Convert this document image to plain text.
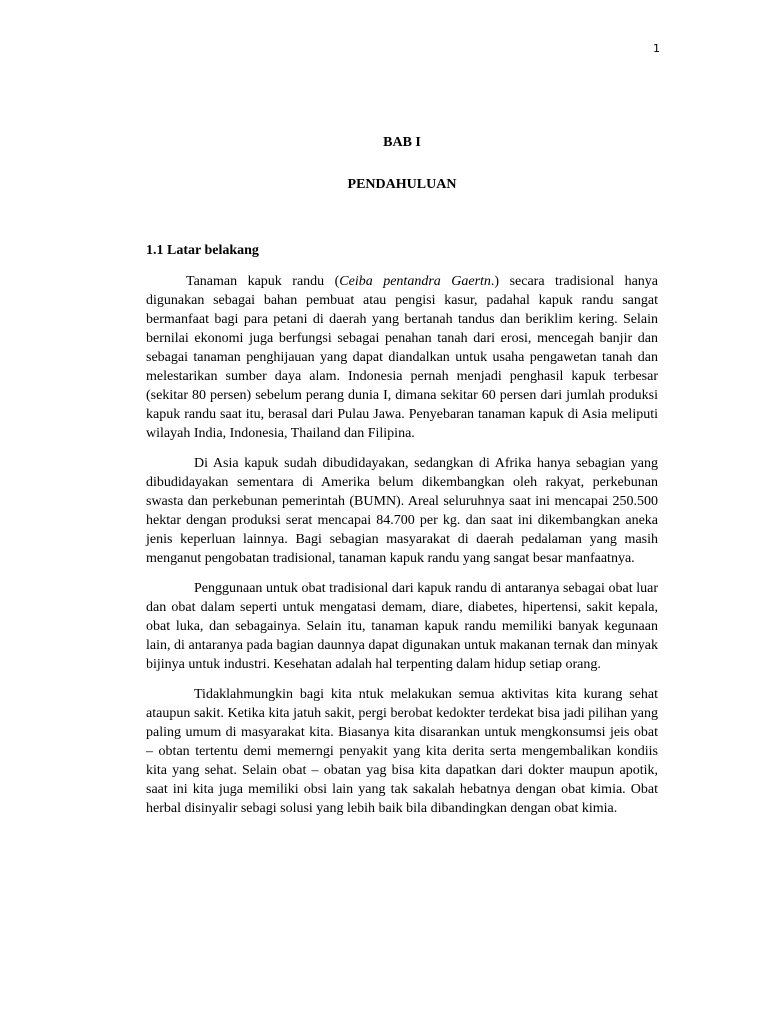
1
BAB I
PENDAHULUAN
1.1 Latar belakang

Tanaman kapuk randu (Ceiba pentandra Gaertn.) secara tradisional hanya digunakan sebagai bahan pembuat atau pengisi kasur, padahal kapuk randu sangat bermanfaat bagi para petani di daerah yang bertanah tandus dan beriklim kering. Selain bernilai ekonomi juga berfungsi sebagai penahan tanah dari erosi, mencegah banjir dan sebagai tanaman penghijauan yang dapat diandalkan untuk usaha pengawetan tanah dan melestarikan sumber daya alam. Indonesia pernah menjadi penghasil kapuk terbesar (sekitar 80 persen) sebelum perang dunia I, dimana sekitar 60 persen dari jumlah produksi kapuk randu saat itu, berasal dari Pulau Jawa. Penyebaran tanaman kapuk di Asia meliputi wilayah India, Indonesia, Thailand dan Filipina.

Di Asia kapuk sudah dibudidayakan, sedangkan di Afrika hanya sebagian yang dibudidayakan sementara di Amerika belum dikembangkan oleh rakyat, perkebunan swasta dan perkebunan pemerintah (BUMN). Areal seluruhnya saat ini mencapai 250.500 hektar dengan produksi serat mencapai 84.700 per kg. dan saat ini dikembangkan aneka jenis keperluan lainnya. Bagi sebagian masyarakat di daerah pedalaman yang masih menganut pengobatan tradisional, tanaman kapuk randu yang sangat besar manfaatnya.

Penggunaan untuk obat tradisional dari kapuk randu di antaranya sebagai obat luar dan obat dalam seperti untuk mengatasi demam, diare, diabetes, hipertensi, sakit kepala, obat luka, dan sebagainya. Selain itu, tanaman kapuk randu memiliki banyak kegunaan lain, di antaranya pada bagian daunnya dapat digunakan untuk makanan ternak dan minyak bijinya untuk industri. Kesehatan adalah hal terpenting dalam hidup setiap orang.

Tidaklahmungkin bagi kita ntuk melakukan semua aktivitas kita kurang sehat ataupun sakit. Ketika kita jatuh sakit, pergi berobat kedokter terdekat bisa jadi pilihan yang paling umum di masyarakat kita. Biasanya kita disarankan untuk mengkonsumsi jeis obat – obtan tertentu demi memerngi penyakit yang kita derita serta mengembalikan kondiis kita yang sehat. Selain obat – obatan yag bisa kita dapatkan dari dokter maupun apotik, saat ini kita juga memiliki obsi lain yang tak sakalah hebatnya dengan obat kimia. Obat herbal disinyalir sebagi solusi yang lebih baik bila dibandingkan dengan obat kimia.
